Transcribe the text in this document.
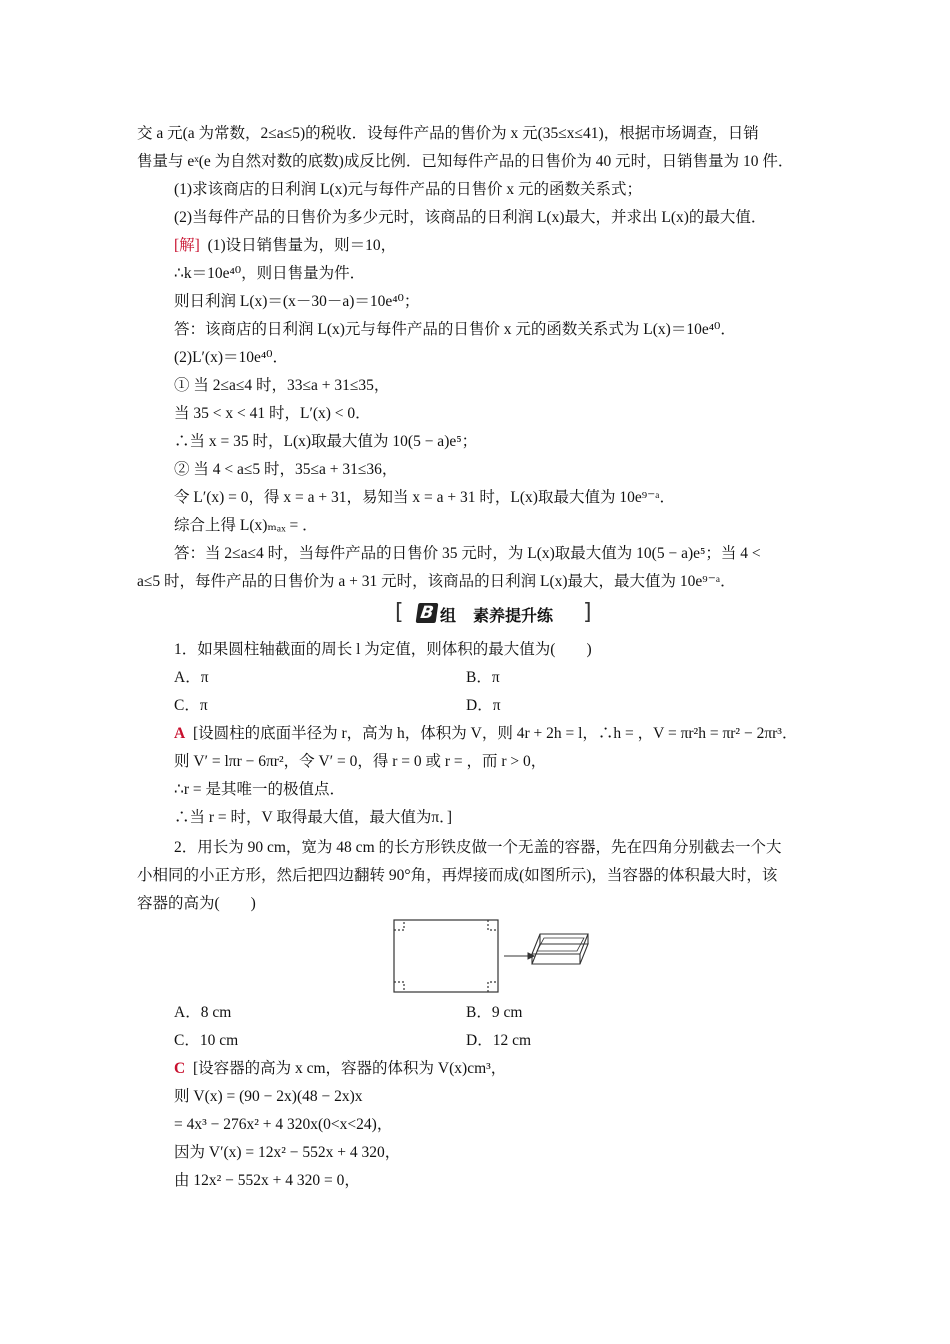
交 a 元(a 为常数，2≤a≤5)的税收．设每件产品的售价为 x 元(35≤x≤41)，根据市场调查，日销
售量与 eˣ(e 为自然对数的底数)成反比例．已知每件产品的日售价为 40 元时，日销售量为 10 件．
(1)求该商店的日利润 L(x)元与每件产品的日售价 x 元的函数关系式；
(2)当每件产品的日售价为多少元时，该商品的日利润 L(x)最大，并求出 L(x)的最大值．
[解] (1)设日销售量为，则＝10，
∴k＝10e⁴⁰，则日售量为件．
则日利润 L(x)＝(x－30－a)＝10e⁴⁰；
答：该商店的日利润 L(x)元与每件产品的日售价 x 元的函数关系式为 L(x)＝10e⁴⁰．
(2)L′(x)＝10e⁴⁰．
① 当 2≤a≤4 时，33≤a + 31≤35，
当 35 < x < 41 时，L′(x) < 0．
∴当 x = 35 时，L(x)取最大值为 10(5 − a)e⁵；
② 当 4 < a≤5 时，35≤a + 31≤36，
令 L′(x) = 0，得 x = a + 31，易知当 x = a + 31 时，L(x)取最大值为 10e⁹⁻ᵃ．
综合上得 L(x)ₘₐₓ = ．
答：当 2≤a≤4 时，当每件产品的日售价 35 元时，为 L(x)取最大值为 10(5 − a)e⁵；当 4 <
a≤5 时，每件产品的日售价为 a + 31 元时，该商品的日利润 L(x)最大，最大值为 10e⁹⁻ᵃ．
[ B 组 素养提升练 ]
1．如果圆柱轴截面的周长 l 为定值，则体积的最大值为(　　)
A．π	B．π
C．π	D．π
A [设圆柱的底面半径为 r，高为 h，体积为 V，则 4r + 2h = l，∴h = ，V = πr²h = πr² − 2πr³．
则 V′ = lπr − 6πr²，令 V′ = 0，得 r = 0 或 r = ，而 r > 0，
∴r = 是其唯一的极值点．
∴当 r = 时，V 取得最大值，最大值为π．]
2．用长为 90 cm，宽为 48 cm 的长方形铁皮做一个无盖的容器，先在四角分别截去一个大
小相同的小正方形，然后把四边翻转 90°角，再焊接而成(如图所示)，当容器的体积最大时，该
容器的高为(　　)
A．8 cm	B．9 cm
C．10 cm	D．12 cm
C [设容器的高为 x cm，容器的体积为 V(x)cm³，
则 V(x) = (90 − 2x)(48 − 2x)x
= 4x³ − 276x² + 4 320x(0<x<24)，
因为 V′(x) = 12x² − 552x + 4 320，
由 12x² − 552x + 4 320 = 0，
